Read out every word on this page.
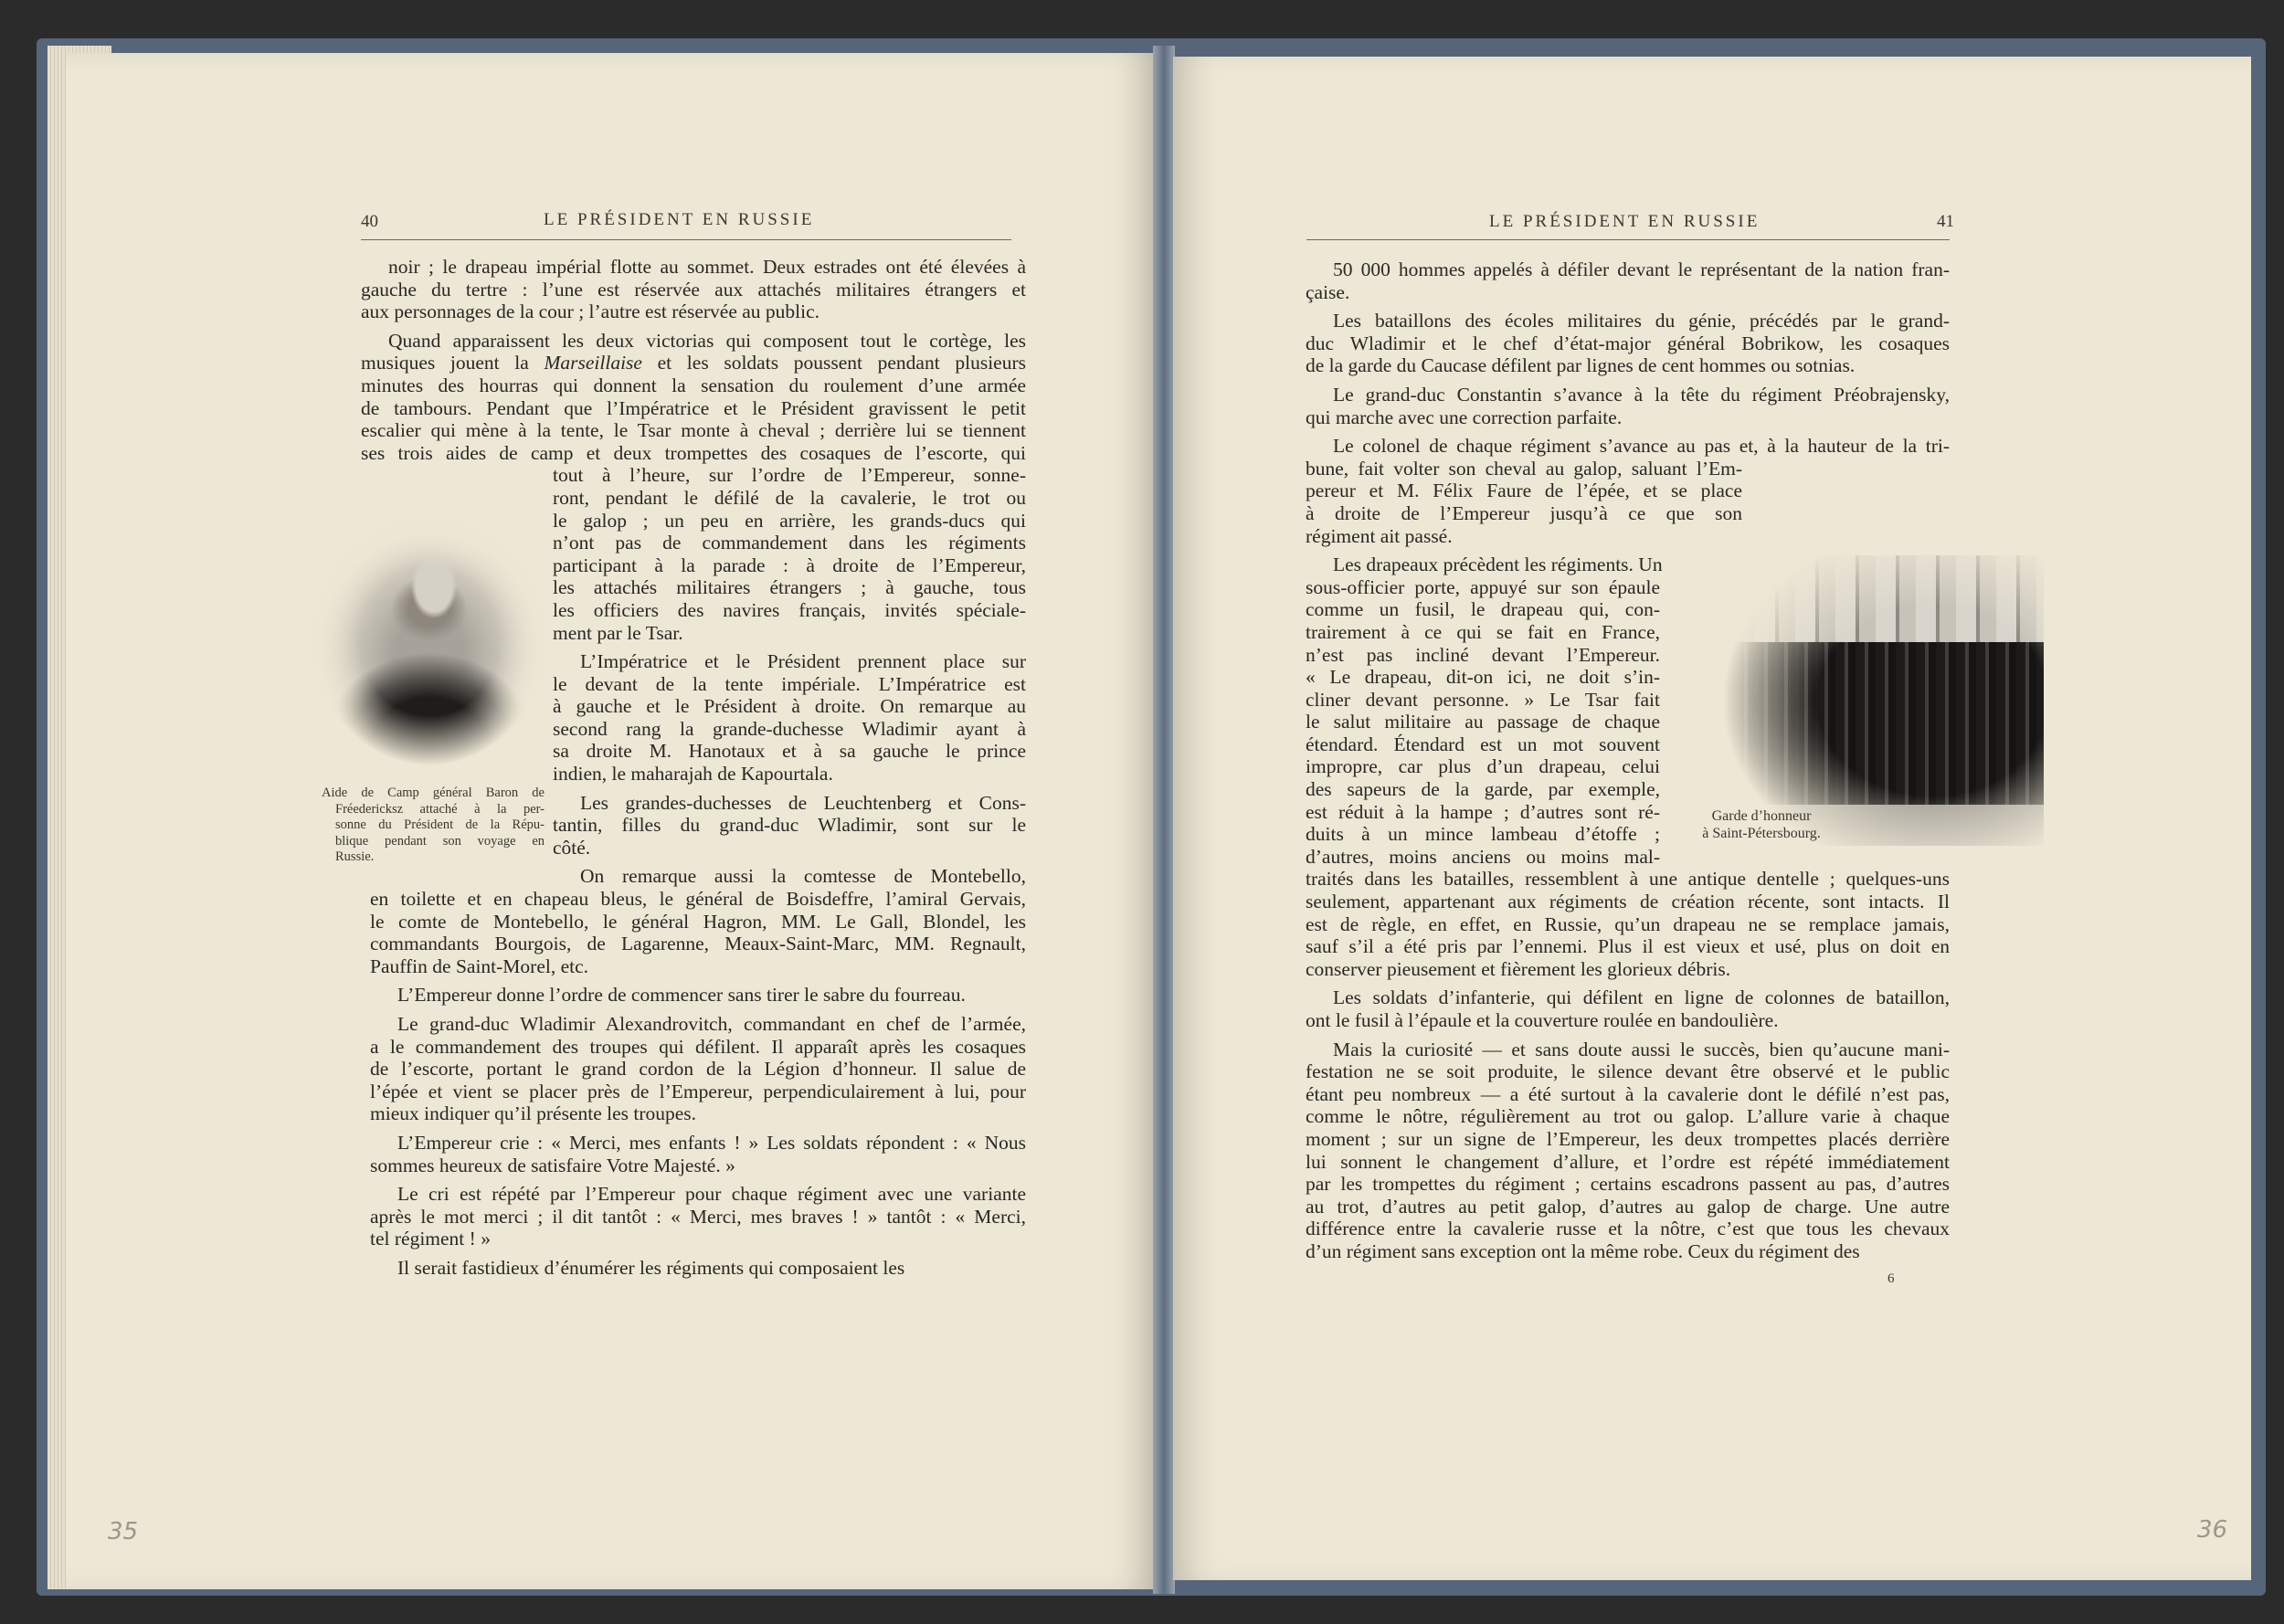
40	LE PRÉSIDENT EN RUSSIE
Aide de Camp général Baron de
Fréedericksz attaché à la per-
sonne du Président de la Répu-
blique pendant son voyage en
Russie.
noir ; le drapeau impérial flotte au sommet. Deux estrades ont été élevées à
gauche du tertre : l’une est réservée aux attachés militaires étrangers et
aux personnages de la cour ; l’autre est réservée au public.
Quand apparaissent les deux victorias qui composent tout le cortège, les
musiques jouent la Marseillaise et les soldats poussent pendant plusieurs
minutes des hourras qui donnent la sensation du roulement d’une armée
de tambours. Pendant que l’Impératrice et le Président gravissent le petit
escalier qui mène à la tente, le Tsar monte à cheval ; derrière lui se tiennent
ses trois aides de camp et deux trompettes des cosaques de l’escorte, qui
tout à l’heure, sur l’ordre de l’Empereur, sonne-
ront, pendant le défilé de la cavalerie, le trot ou
le galop ; un peu en arrière, les grands-ducs qui
n’ont pas de commandement dans les régiments
participant à la parade : à droite de l’Empereur,
les attachés militaires étrangers ; à gauche, tous
les officiers des navires français, invités spéciale-
ment par le Tsar.
L’Impératrice et le Président prennent place sur
le devant de la tente impériale. L’Impératrice est
à gauche et le Président à droite. On remarque au
second rang la grande-duchesse Wladimir ayant à
sa droite M. Hanotaux et à sa gauche le prince
indien, le maharajah de Kapourtala.
Les grandes-duchesses de Leuchtenberg et Cons-
tantin, filles du grand-duc Wladimir, sont sur le
côté.
On remarque aussi la comtesse de Montebello,
en toilette et en chapeau bleus, le général de Boisdeffre, l’amiral Gervais,
le comte de Montebello, le général Hagron, MM. Le Gall, Blondel, les
commandants Bourgois, de Lagarenne, Meaux-Saint-Marc, MM. Regnault,
Pauffin de Saint-Morel, etc.
L’Empereur donne l’ordre de commencer sans tirer le sabre du fourreau.
Le grand-duc Wladimir Alexandrovitch, commandant en chef de l’armée,
a le commandement des troupes qui défilent. Il apparaît après les cosaques
de l’escorte, portant le grand cordon de la Légion d’honneur. Il salue de
l’épée et vient se placer près de l’Empereur, perpendiculairement à lui, pour
mieux indiquer qu’il présente les troupes.
L’Empereur crie : « Merci, mes enfants ! » Les soldats répondent : « Nous
sommes heureux de satisfaire Votre Majesté. »
Le cri est répété par l’Empereur pour chaque régiment avec une variante
après le mot merci ; il dit tantôt : « Merci, mes braves ! » tantôt : « Merci,
tel régiment ! »
Il serait fastidieux d’énumérer les régiments qui composaient les
35
LE PRÉSIDENT EN RUSSIE	41
Garde d’honneur
à Saint-Pétersbourg.
50 000 hommes appelés à défiler devant le représentant de la nation fran-
çaise.
Les bataillons des écoles militaires du génie, précédés par le grand-
duc Wladimir et le chef d’état-major général Bobrikow, les cosaques
de la garde du Caucase défilent par lignes de cent hommes ou sotnias.
Le grand-duc Constantin s’avance à la tête du régiment Préobrajensky,
qui marche avec une correction parfaite.
Le colonel de chaque régiment s’avance au pas et, à la hauteur de la tri-
bune, fait volter son cheval au galop, saluant l’Em-
pereur et M. Félix Faure de l’épée, et se place
à droite de l’Empereur jusqu’à ce que son
régiment ait passé.
Les drapeaux précèdent les régiments. Un
sous-officier porte, appuyé sur son épaule
comme un fusil, le drapeau qui, con-
trairement à ce qui se fait en France,
n’est pas incliné devant l’Empereur.
« Le drapeau, dit-on ici, ne doit s’in-
cliner devant personne. » Le Tsar fait
le salut militaire au passage de chaque
étendard. Étendard est un mot souvent
impropre, car plus d’un drapeau, celui
des sapeurs de la garde, par exemple,
est réduit à la hampe ; d’autres sont ré-
duits à un mince lambeau d’étoffe ;
d’autres, moins anciens ou moins mal-
traités dans les batailles, ressemblent à une antique dentelle ; quelques-uns
seulement, appartenant aux régiments de création récente, sont intacts. Il
est de règle, en effet, en Russie, qu’un drapeau ne se remplace jamais,
sauf s’il a été pris par l’ennemi. Plus il est vieux et usé, plus on doit en
conserver pieusement et fièrement les glorieux débris.
Les soldats d’infanterie, qui défilent en ligne de colonnes de bataillon,
ont le fusil à l’épaule et la couverture roulée en bandoulière.
Mais la curiosité — et sans doute aussi le succès, bien qu’aucune mani-
festation ne se soit produite, le silence devant être observé et le public
étant peu nombreux — a été surtout à la cavalerie dont le défilé n’est pas,
comme le nôtre, régulièrement au trot ou galop. L’allure varie à chaque
moment ; sur un signe de l’Empereur, les deux trompettes placés derrière
lui sonnent le changement d’allure, et l’ordre est répété immédiatement
par les trompettes du régiment ; certains escadrons passent au pas, d’autres
au trot, d’autres au petit galop, d’autres au galop de charge. Une autre
différence entre la cavalerie russe et la nôtre, c’est que tous les chevaux
d’un régiment sans exception ont la même robe. Ceux du régiment des
6
36
